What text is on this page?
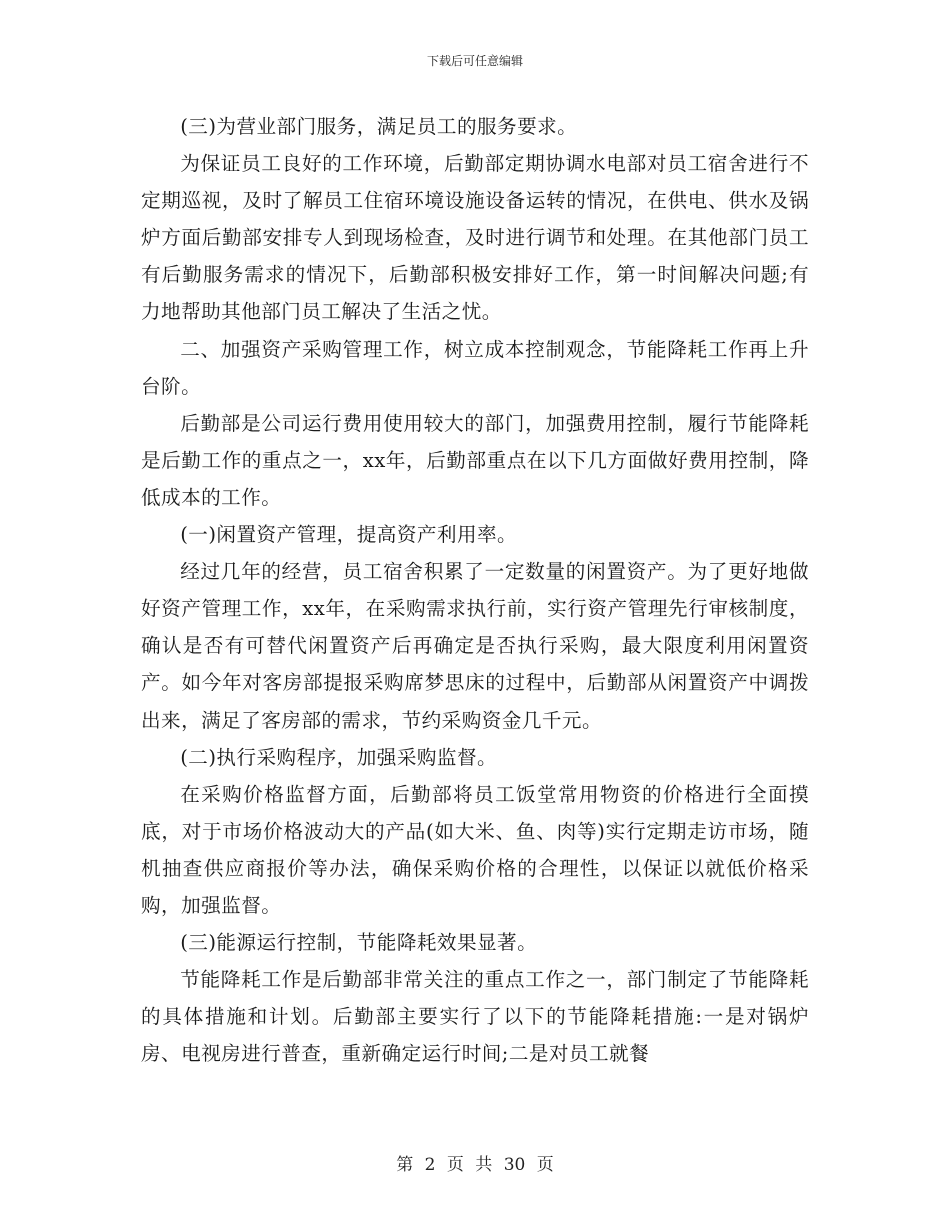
下载后可任意编辑

(三)为营业部门服务，满足员工的服务要求。

为保证员工良好的工作环境，后勤部定期协调水电部对员工宿舍进行不定期巡视，及时了解员工住宿环境设施设备运转的情况，在供电、供水及锅炉方面后勤部安排专人到现场检查，及时进行调节和处理。在其他部门员工有后勤服务需求的情况下，后勤部积极安排好工作，第一时间解决问题;有力地帮助其他部门员工解决了生活之忧。

二、加强资产采购管理工作，树立成本控制观念，节能降耗工作再上升台阶。

后勤部是公司运行费用使用较大的部门，加强费用控制，履行节能降耗是后勤工作的重点之一，xx年，后勤部重点在以下几方面做好费用控制，降低成本的工作。

(一)闲置资产管理，提高资产利用率。

经过几年的经营，员工宿舍积累了一定数量的闲置资产。为了更好地做好资产管理工作，xx年，在采购需求执行前，实行资产管理先行审核制度，确认是否有可替代闲置资产后再确定是否执行采购，最大限度利用闲置资产。如今年对客房部提报采购席梦思床的过程中，后勤部从闲置资产中调拨出来，满足了客房部的需求，节约采购资金几千元。

(二)执行采购程序，加强采购监督。

在采购价格监督方面，后勤部将员工饭堂常用物资的价格进行全面摸底，对于市场价格波动大的产品(如大米、鱼、肉等)实行定期走访市场，随机抽查供应商报价等办法，确保采购价格的合理性，以保证以就低价格采购，加强监督。

(三)能源运行控制，节能降耗效果显著。

节能降耗工作是后勤部非常关注的重点工作之一，部门制定了节能降耗的具体措施和计划。后勤部主要实行了以下的节能降耗措施:一是对锅炉房、电视房进行普查，重新确定运行时间;二是对员工就餐

第 2 页 共 30 页
